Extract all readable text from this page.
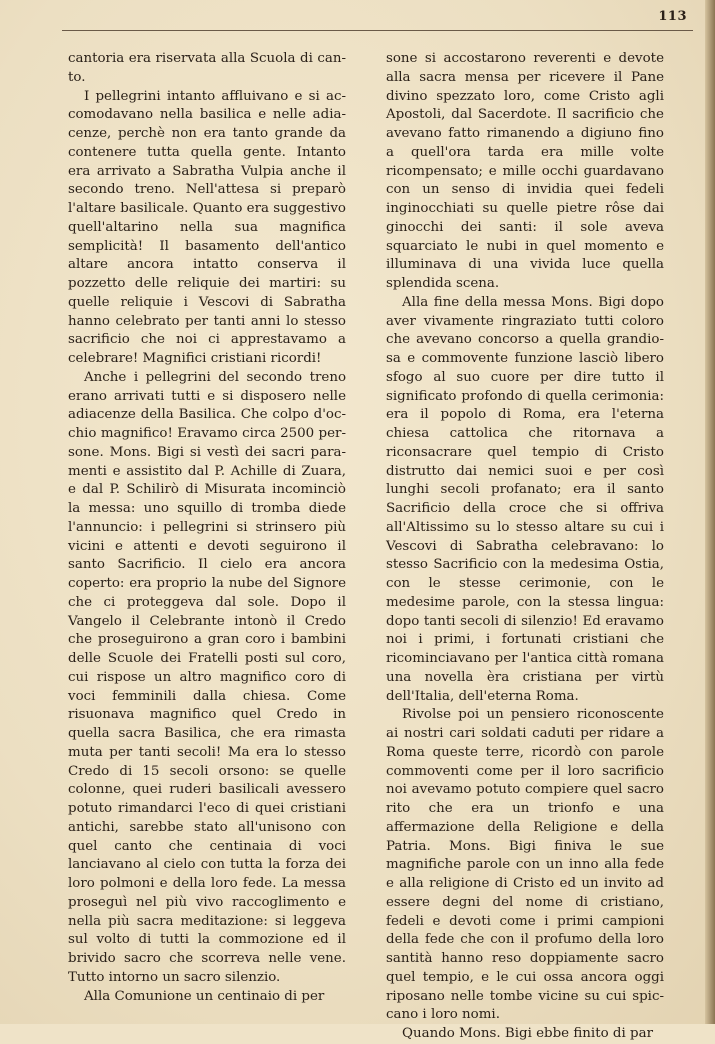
113

cantoria era riservata alla Scuola di canto.

I pellegrini intanto affluivano e si accomodavano nella basilica e nelle adiacenze, perchè non era tanto grande da contenere tutta quella gente. Intanto era arrivato a Sabratha Vulpia anche il secondo treno. Nell'attesa si preparò l'altare basilicale. Quanto era suggestivo quell'altarino nella sua magnifica semplicità! Il basamento dell'antico altare ancora intatto conserva il pozzetto delle reliquie dei martiri: su quelle reliquie i Vescovi di Sabratha hanno celebrato per tanti anni lo stesso sacrificio che noi ci apprestavamo a celebrare! Magnifici cristiani ricordi!

Anche i pellegrini del secondo treno erano arrivati tutti e si disposero nelle adiacenze della Basilica. Che colpo d'occhio magnifico! Eravamo circa 2500 persone. Mons. Bigi si vestì dei sacri paramenti e assistito dal P. Achille di Zuara, e dal P. Schilirò di Misurata incominciò la messa: uno squillo di tromba diede l'annuncio: i pellegrini si strinsero più vicini e attenti e devoti seguirono il santo Sacrificio. Il cielo era ancora coperto: era proprio la nube del Signore che ci proteggeva dal sole. Dopo il Vangelo il Celebrante intonò il Credo che proseguirono a gran coro i bambini delle Scuole dei Fratelli posti sul coro, cui rispose un altro magnifico coro di voci femminili dalla chiesa. Come risuonava magnifico quel Credo in quella sacra Basilica, che era rimasta muta per tanti secoli! Ma era lo stesso Credo di 15 secoli orsono: se quelle colonne, quei ruderi basilicali avessero potuto rimandarci l'eco di quei cristiani antichi, sarebbe stato all'unisono con quel canto che centinaia di voci lanciavano al cielo con tutta la forza dei loro polmoni e della loro fede. La messa proseguì nel più vivo raccoglimento e nella più sacra meditazione: si leggeva sul volto di tutti la commozione ed il brivido sacro che scorreva nelle vene. Tutto intorno un sacro silenzio.

Alla Comunione un centinaio di per

sone si accostarono reverenti e devote alla sacra mensa per ricevere il Pane divino spezzato loro, come Cristo agli Apostoli, dal Sacerdote. Il sacrificio che avevano fatto rimanendo a digiuno fino a quell'ora tarda era mille volte ricompensato; e mille occhi guardavano con un senso di invidia quei fedeli inginocchiati su quelle pietre rôse dai ginocchi dei santi: il sole aveva squarciato le nubi in quel momento e illuminava di una vivida luce quella splendida scena.

Alla fine della messa Mons. Bigi dopo aver vivamente ringraziato tutti coloro che avevano concorso a quella grandiosa e commovente funzione lasciò libero sfogo al suo cuore per dire tutto il significato profondo di quella cerimonia: era il popolo di Roma, era l'eterna chiesa cattolica che ritornava a riconsacrare quel tempio di Cristo distrutto dai nemici suoi e per così lunghi secoli profanato; era il santo Sacrificio della croce che si offriva all'Altissimo su lo stesso altare su cui i Vescovi di Sabratha celebravano: lo stesso Sacrificio con la medesima Ostia, con le stesse cerimonie, con le medesime parole, con la stessa lingua: dopo tanti secoli di silenzio! Ed eravamo noi i primi, i fortunati cristiani che ricominciavano per l'antica città romana una novella èra cristiana per virtù dell'Italia, dell'eterna Roma.

Rivolse poi un pensiero riconoscente ai nostri cari soldati caduti per ridare a Roma queste terre, ricordò con parole commoventi come per il loro sacrificio noi avevamo potuto compiere quel sacro rito che era un trionfo e una affermazione della Religione e della Patria. Mons. Bigi finiva le sue magnifiche parole con un inno alla fede e alla religione di Cristo ed un invito ad essere degni del nome di cristiano, fedeli e devoti come i primi campioni della fede che con il profumo della loro santità hanno reso doppiamente sacro quel tempio, e le cui ossa ancora oggi riposano nelle tombe vicine su cui spiccano i loro nomi.

Quando Mons. Bigi ebbe finito di par
